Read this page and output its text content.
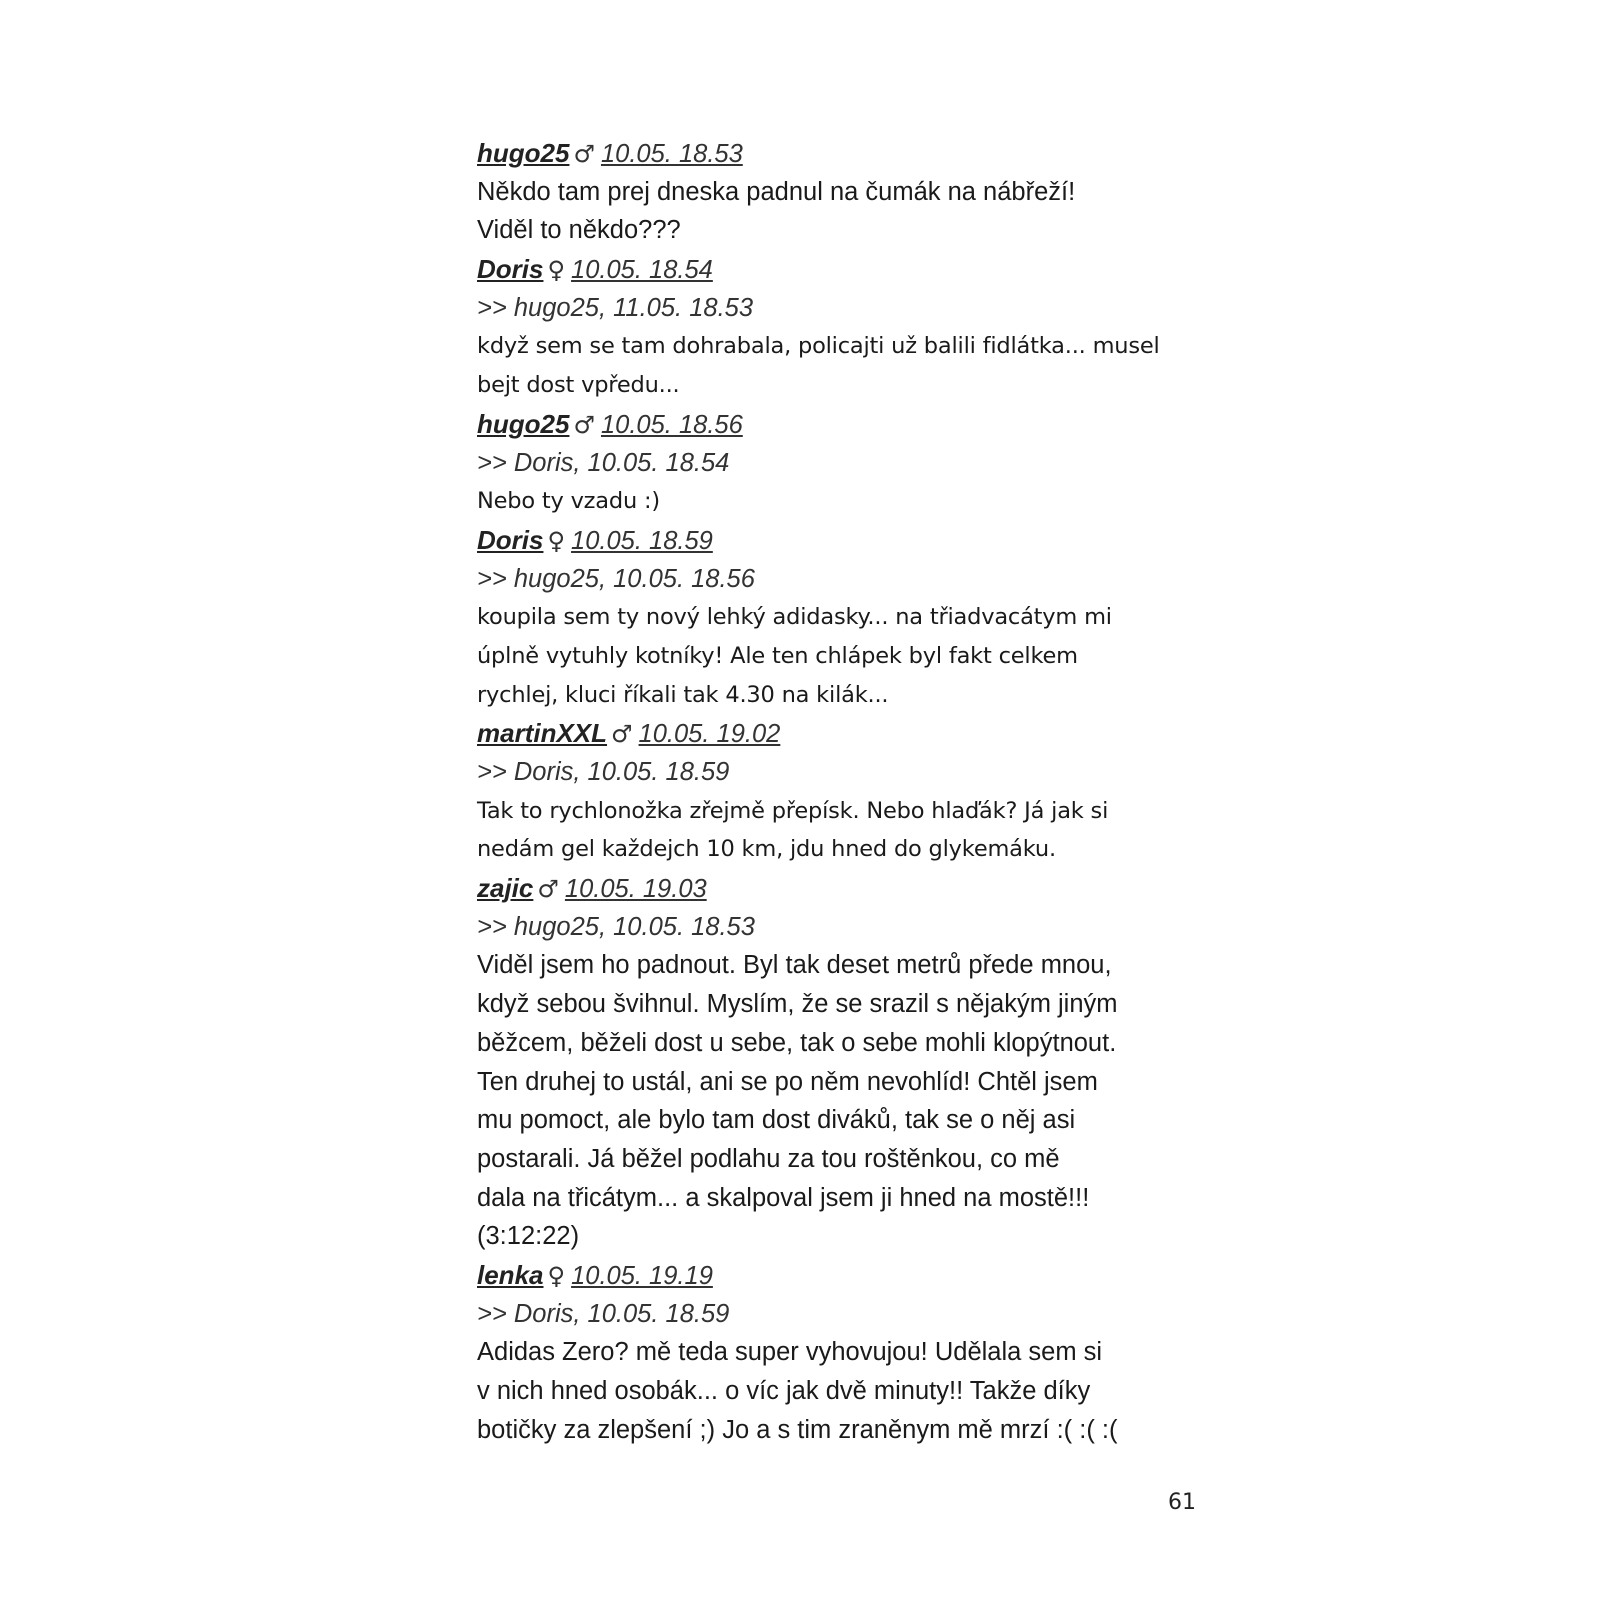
hugo25 ♂ 10.05. 18.53
Někdo tam prej dneska padnul na čumák na nábřeží!
Viděl to někdo???
Doris ♀ 10.05. 18.54
>> hugo25, 11.05. 18.53
když sem se tam dohrabala, policajti už balili fidlátka... musel
bejt dost vpředu...
hugo25 ♂ 10.05. 18.56
>> Doris, 10.05. 18.54
Nebo ty vzadu :)
Doris ♀ 10.05. 18.59
>> hugo25, 10.05. 18.56
koupila sem ty nový lehký adidasky... na třiadvacátym mi
úplně vytuhly kotníky! Ale ten chlápek byl fakt celkem
rychlej, kluci říkali tak 4.30 na kilák...
martinXXL ♂ 10.05. 19.02
>> Doris, 10.05. 18.59
Tak to rychlonožka zřejmě přepísk. Nebo hlaďák? Já jak si
nedám gel každejch 10 km, jdu hned do glykemáku.
zajic ♂ 10.05. 19.03
>> hugo25, 10.05. 18.53
Viděl jsem ho padnout. Byl tak deset metrů přede mnou,
když sebou švihnul. Myslím, že se srazil s nějakým jiným
běžcem, běželi dost u sebe, tak o sebe mohli klopýtnout.
Ten druhej to ustál, ani se po něm nevohlíd! Chtěl jsem
mu pomoct, ale bylo tam dost diváků, tak se o něj asi
postarali. Já běžel podlahu za tou roštěnkou, co mě
dala na třicátym... a skalpoval jsem ji hned na mostě!!!
(3:12:22)
lenka ♀ 10.05. 19.19
>> Doris, 10.05. 18.59
Adidas Zero? mě teda super vyhovujou! Udělala sem si
v nich hned osobák... o víc jak dvě minuty!! Takže díky
botičky za zlepšení ;) Jo a s tim zraněnym mě mrzí :( :( :(
61
